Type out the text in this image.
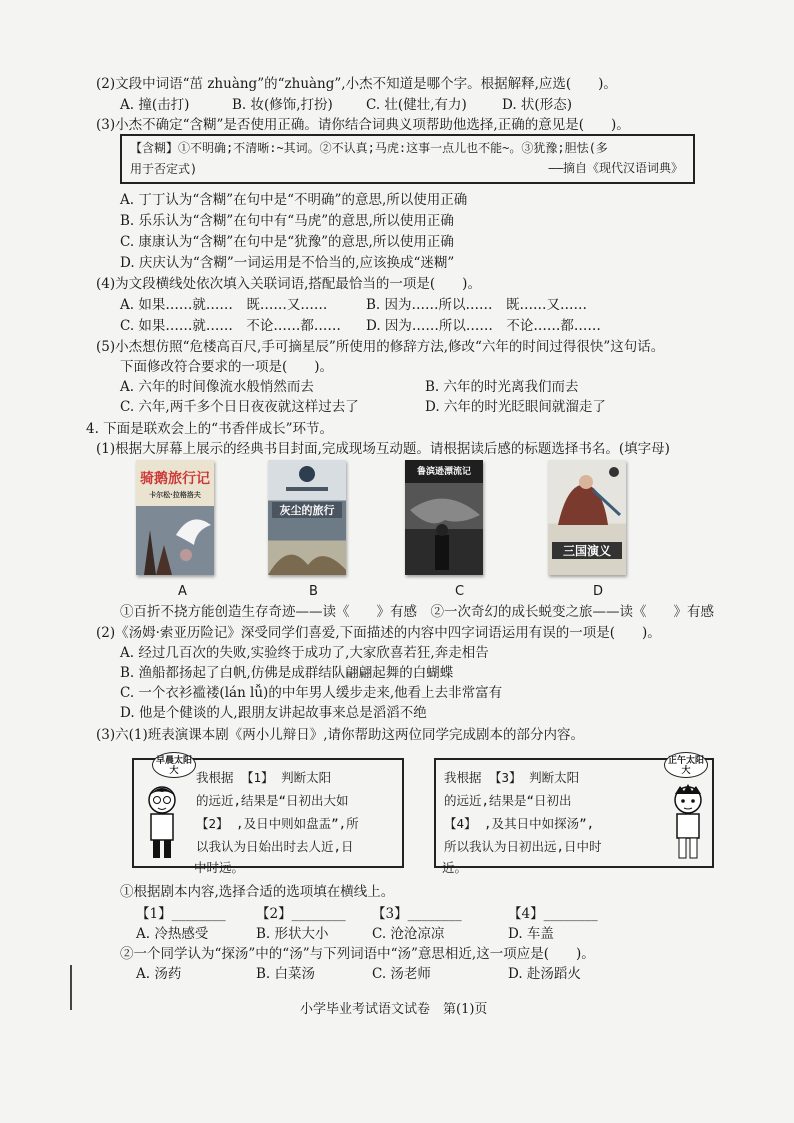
(2)文段中词语“茁 zhuàng”的“zhuàng”,小杰不知道是哪个字。根据解释,应选(　　)。
A. 撞(击打)	B. 妆(修饰,打扮) C. 壮(健壮,有力)	D. 状(形态)
(3)小杰不确定“含糊”是否使用正确。请你结合词典义项帮助他选择,正确的意见是(　　)。
【含糊】①不明确;不清晰:~其词。②不认真;马虎:这事一点儿也不能~。③犹豫;胆怯(多
用于否定式)	——摘自《现代汉语词典》
A. 丁丁认为“含糊”在句中是“不明确”的意思,所以使用正确
B. 乐乐认为“含糊”在句中有“马虎”的意思,所以使用正确
C. 康康认为“含糊”在句中是“犹豫”的意思,所以使用正确
D. 庆庆认为“含糊”一词运用是不恰当的,应该换成“迷糊”
(4)为文段横线处依次填入关联词语,搭配最恰当的一项是(　　)。
A. 如果……就……　既……又……	B. 因为……所以……　既……又……
C. 如果……就……　不论……都…… D. 因为……所以……　不论……都……
(5)小杰想仿照“危楼高百尺,手可摘星辰”所使用的修辞方法,修改“六年的时间过得很快”这句话。
下面修改符合要求的一项是(　　)。
A. 六年的时间像流水般悄然而去	B. 六年的时光离我们而去
C. 六年,两千多个日日夜夜就这样过去了	D. 六年的时光眨眼间就溜走了
4. 下面是联欢会上的“书香伴成长”环节。
(1)根据大屏幕上展示的经典书目封面,完成现场互动题。请根据读后感的标题选择书名。(填字母)
骑鹅旅行记
卡尔松·拉格洛夫
A
灰尘的旅行
B
鲁滨逊漂流记
C
三国演义
D
①百折不挠方能创造生存奇迹——读《　　》有感　②一次奇幻的成长蜕变之旅——读《　　》有感
(2)《汤姆·索亚历险记》深受同学们喜爱,下面描述的内容中四字词语运用有误的一项是(　　)。
A. 经过几百次的失败,实验终于成功了,大家欣喜若狂,奔走相告
B. 渔船都扬起了白帆,仿佛是成群结队翩翩起舞的白蝴蝶
C. 一个衣衫褴褛(lán lǚ)的中年男人缓步走来,他看上去非常富有
D. 他是个健谈的人,跟朋友讲起故事来总是滔滔不绝
(3)六(1)班表演课本剧《两小儿辩日》,请你帮助这两位同学完成剧本的部分内容。
早晨太阳大	我根据 【1】 判断太阳
的远近,结果是“日初出大如
【2】 ,及日中则如盘盂”,所
以我认为日始出时去人近,日
中时远。
我根据 【3】 判断太阳
的远近,结果是“日初出
【4】 ,及其日中如探汤”,
所以我认为日初出远,日中时
正午太阳大
近。
①根据剧本内容,选择合适的选项填在横线上。
【1】________ 【2】________ 【3】________	【4】________
A. 冷热感受	B. 形状大小	C. 沧沧凉凉	D. 车盖
②一个同学认为“探汤”中的“汤”与下列词语中“汤”意思相近,这一项应是(　　)。
A. 汤药	B. 白菜汤	C. 汤老师	D. 赴汤蹈火
小学毕业考试语文试卷　第(1)页
